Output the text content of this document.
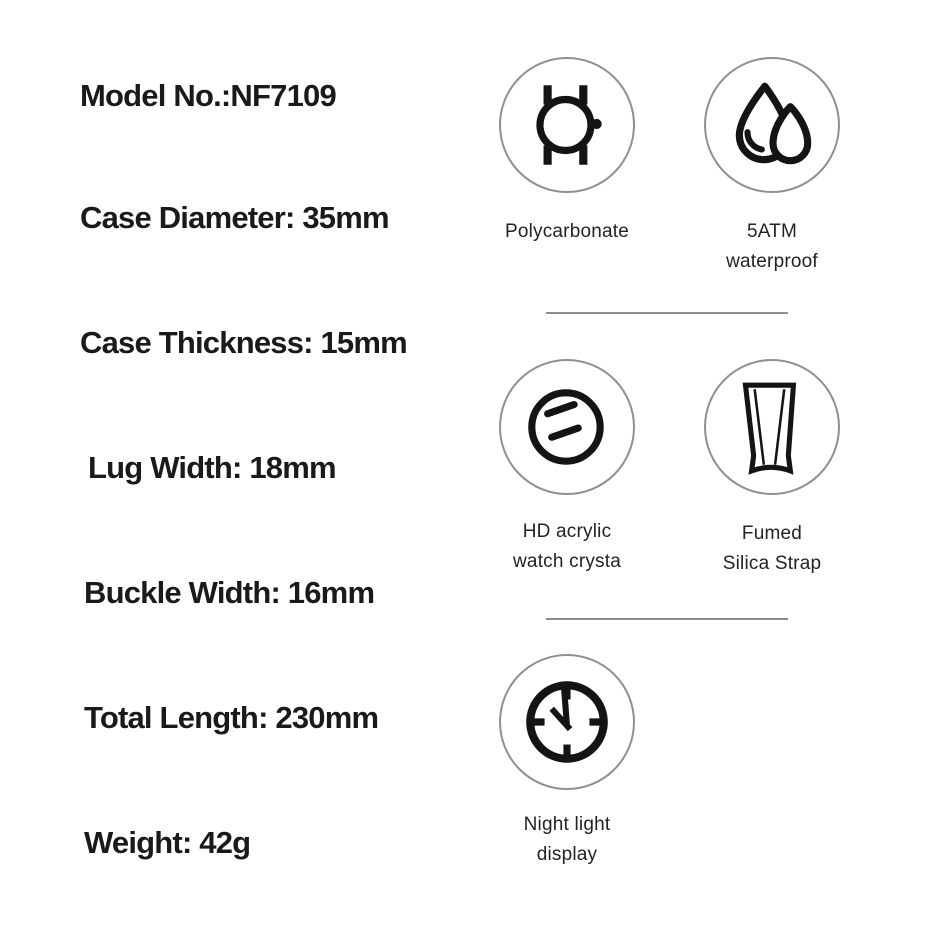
Model No.:NF7109
Case Diameter: 35mm
Case Thickness: 15mm
Lug Width: 18mm
Buckle Width: 16mm
Total Length: 230mm
Weight: 42g
Polycarbonate	5ATM
waterproof
HD acrylic
watch crysta
Fumed
Silica Strap
Night light
display
